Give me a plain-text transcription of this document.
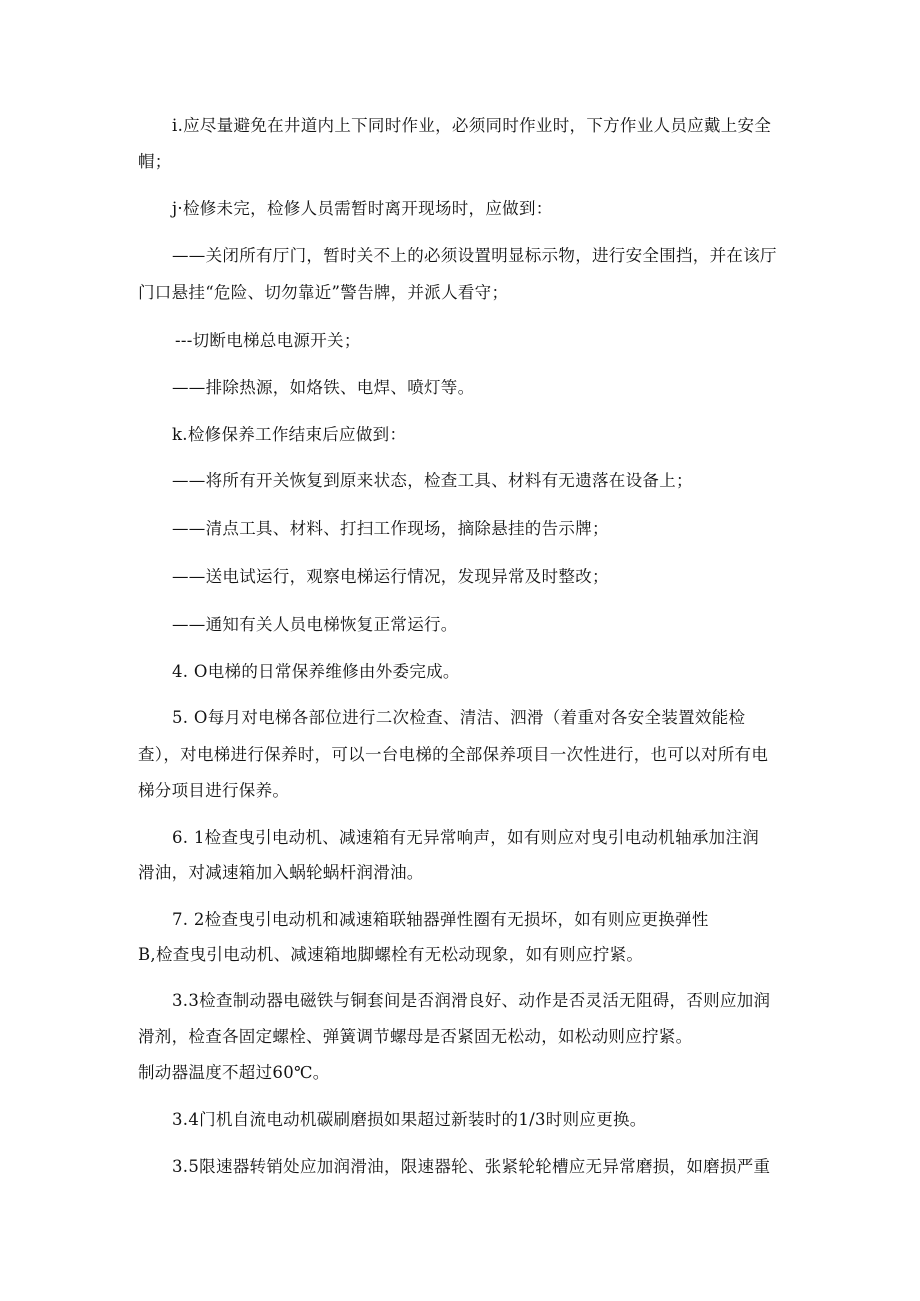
i.应尽量避免在井道内上下同时作业，必须同时作业时，下方作业人员应戴上安全
帽；
j·检修未完，检修人员需暂时离开现场时，应做到：
——关闭所有厅门，暂时关不上的必须设置明显标示物，进行安全围挡，并在该厅
门口悬挂“危险、切勿靠近”警告牌，并派人看守；
---切断电梯总电源开关；
——排除热源，如烙铁、电焊、喷灯等。
k.检修保养工作结束后应做到：
——将所有开关恢复到原来状态，检查工具、材料有无遗落在设备上；
——清点工具、材料、打扫工作现场，摘除悬挂的告示牌；
——送电试运行，观察电梯运行情况，发现异常及时整改；
——通知有关人员电梯恢复正常运行。
4. O电梯的日常保养维修由外委完成。
5. O每月对电梯各部位进行二次检查、清洁、泗滑（着重对各安全装置效能检
查），对电梯进行保养时，可以一台电梯的全部保养项目一次性进行，也可以对所有电
梯分项目进行保养。
6. 1检查曳引电动机、减速箱有无异常响声，如有则应对曳引电动机轴承加注润
滑油，对减速箱加入蜗轮蜗杆润滑油。
7. 2检查曳引电动机和减速箱联轴器弹性圈有无损坏，如有则应更换弹性
B,检查曳引电动机、减速箱地脚螺栓有无松动现象，如有则应拧紧。
3.3检查制动器电磁铁与铜套间是否润滑良好、动作是否灵活无阻碍，否则应加润
滑剂，检查各固定螺栓、弹簧调节螺母是否紧固无松动，如松动则应拧紧。
制动器温度不超过60℃。
3.4门机自流电动机碳刷磨损如果超过新装时的1/3时则应更换。
3.5限速器转销处应加润滑油，限速器轮、张紧轮轮槽应无异常磨损，如磨损严重
